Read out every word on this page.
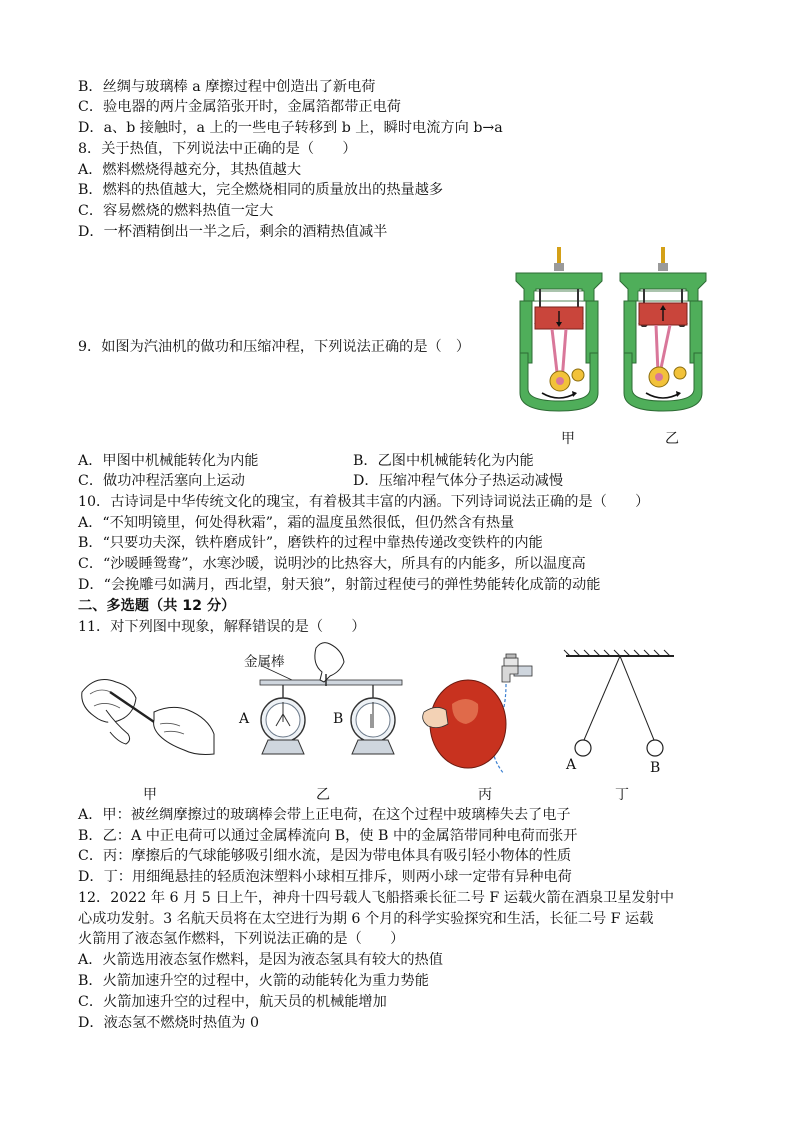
B．丝绸与玻璃棒 a 摩擦过程中创造出了新电荷
C．验电器的两片金属箔张开时，金属箔都带正电荷
D．a、b 接触时，a 上的一些电子转移到 b 上，瞬时电流方向 b→a
8．关于热值，下列说法中正确的是（　　）
A．燃料燃烧得越充分，其热值越大
B．燃料的热值越大，完全燃烧相同的质量放出的热量越多
C．容易燃烧的燃料热值一定大
D．一杯酒精倒出一半之后，剩余的酒精热值减半
9．如图为汽油机的做功和压缩冲程，下列说法正确的是（　）
甲	乙
A．甲图中机械能转化为内能	B．乙图中机械能转化为内能
C．做功冲程活塞向上运动	D．压缩冲程气体分子热运动减慢
10．古诗词是中华传统文化的瑰宝，有着极其丰富的内涵。下列诗词说法正确的是（　　）
A．“不知明镜里，何处得秋霜”，霜的温度虽然很低，但仍然含有热量
B．“只要功夫深，铁杵磨成针”，磨铁杵的过程中靠热传递改变铁杵的内能
C．“沙暖睡鸳鸯”，水寒沙暖，说明沙的比热容大，所具有的内能多，所以温度高
D．“会挽雕弓如满月，西北望，射天狼”，射箭过程使弓的弹性势能转化成箭的动能
二、多选题（共 12 分）
11．对下列图中现象，解释错误的是（　　）
金属棒
A	B
A	B
甲	乙	丙	丁
A．甲：被丝绸摩擦过的玻璃棒会带上正电荷，在这个过程中玻璃棒失去了电子
B．乙：A 中正电荷可以通过金属棒流向 B，使 B 中的金属箔带同种电荷而张开
C．丙：摩擦后的气球能够吸引细水流，是因为带电体具有吸引轻小物体的性质
D．丁：用细绳悬挂的轻质泡沫塑料小球相互排斥，则两小球一定带有异种电荷
12．2022 年 6 月 5 日上午，神舟十四号载人飞船搭乘长征二号 F 运载火箭在酒泉卫星发射中
心成功发射。3 名航天员将在太空进行为期 6 个月的科学实验探究和生活，长征二号 F 运载
火箭用了液态氢作燃料，下列说法正确的是（　　）
A．火箭选用液态氢作燃料，是因为液态氢具有较大的热值
B．火箭加速升空的过程中，火箭的动能转化为重力势能
C．火箭加速升空的过程中，航天员的机械能增加
D．液态氢不燃烧时热值为 0
